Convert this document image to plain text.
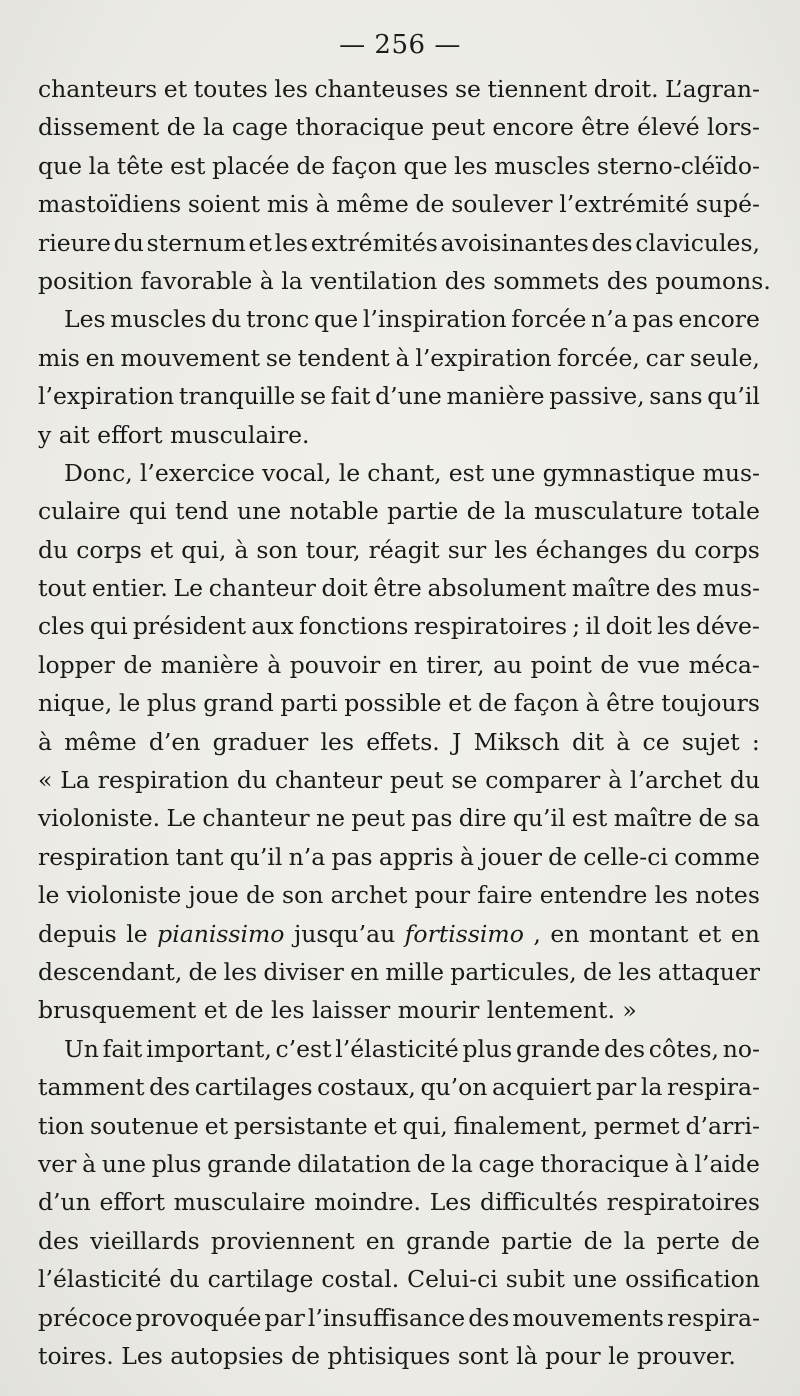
— 256 —
chanteurs et toutes les chanteuses se tiennent droit. L’agran-
dissement de la cage thoracique peut encore être élevé lors-
que la tête est placée de façon que les muscles sterno-cléïdo-
mastoïdiens soient mis à même de soulever l’extrémité supé-
rieure du sternum et les extrémités avoisinantes des clavicules,
position favorable à la ventilation des sommets des poumons.
Les muscles du tronc que l’inspiration forcée n’a pas encore
mis en mouvement se tendent à l’expiration forcée, car seule,
l’expiration tranquille se fait d’une manière passive, sans qu’il
y ait effort musculaire.
Donc, l’exercice vocal, le chant, est une gymnastique mus-
culaire qui tend une notable partie de la musculature totale
du corps et qui, à son tour, réagit sur les échanges du corps
tout entier. Le chanteur doit être absolument maître des mus-
cles qui président aux fonctions respiratoires ; il doit les déve-
lopper de manière à pouvoir en tirer, au point de vue méca-
nique, le plus grand parti possible et de façon à être toujours
à même d’en graduer les effets. J Miksch dit à ce sujet :
« La respiration du chanteur peut se comparer à l’archet du
violoniste. Le chanteur ne peut pas dire qu’il est maître de sa
respiration tant qu’il n’a pas appris à jouer de celle-ci comme
le violoniste joue de son archet pour faire entendre les notes
depuis le pianissimo jusqu’au fortissimo , en montant et en
descendant, de les diviser en mille particules, de les attaquer
brusquement et de les laisser mourir lentement. »
Un fait important, c’est l’élasticité plus grande des côtes, no-
tamment des cartilages costaux, qu’on acquiert par la respira-
tion soutenue et persistante et qui, finalement, permet d’arri-
ver à une plus grande dilatation de la cage thoracique à l’aide
d’un effort musculaire moindre. Les difficultés respiratoires
des vieillards proviennent en grande partie de la perte de
l’élasticité du cartilage costal. Celui-ci subit une ossification
précoce provoquée par l’insuffisance des mouvements respira-
toires. Les autopsies de phtisiques sont là pour le prouver.
